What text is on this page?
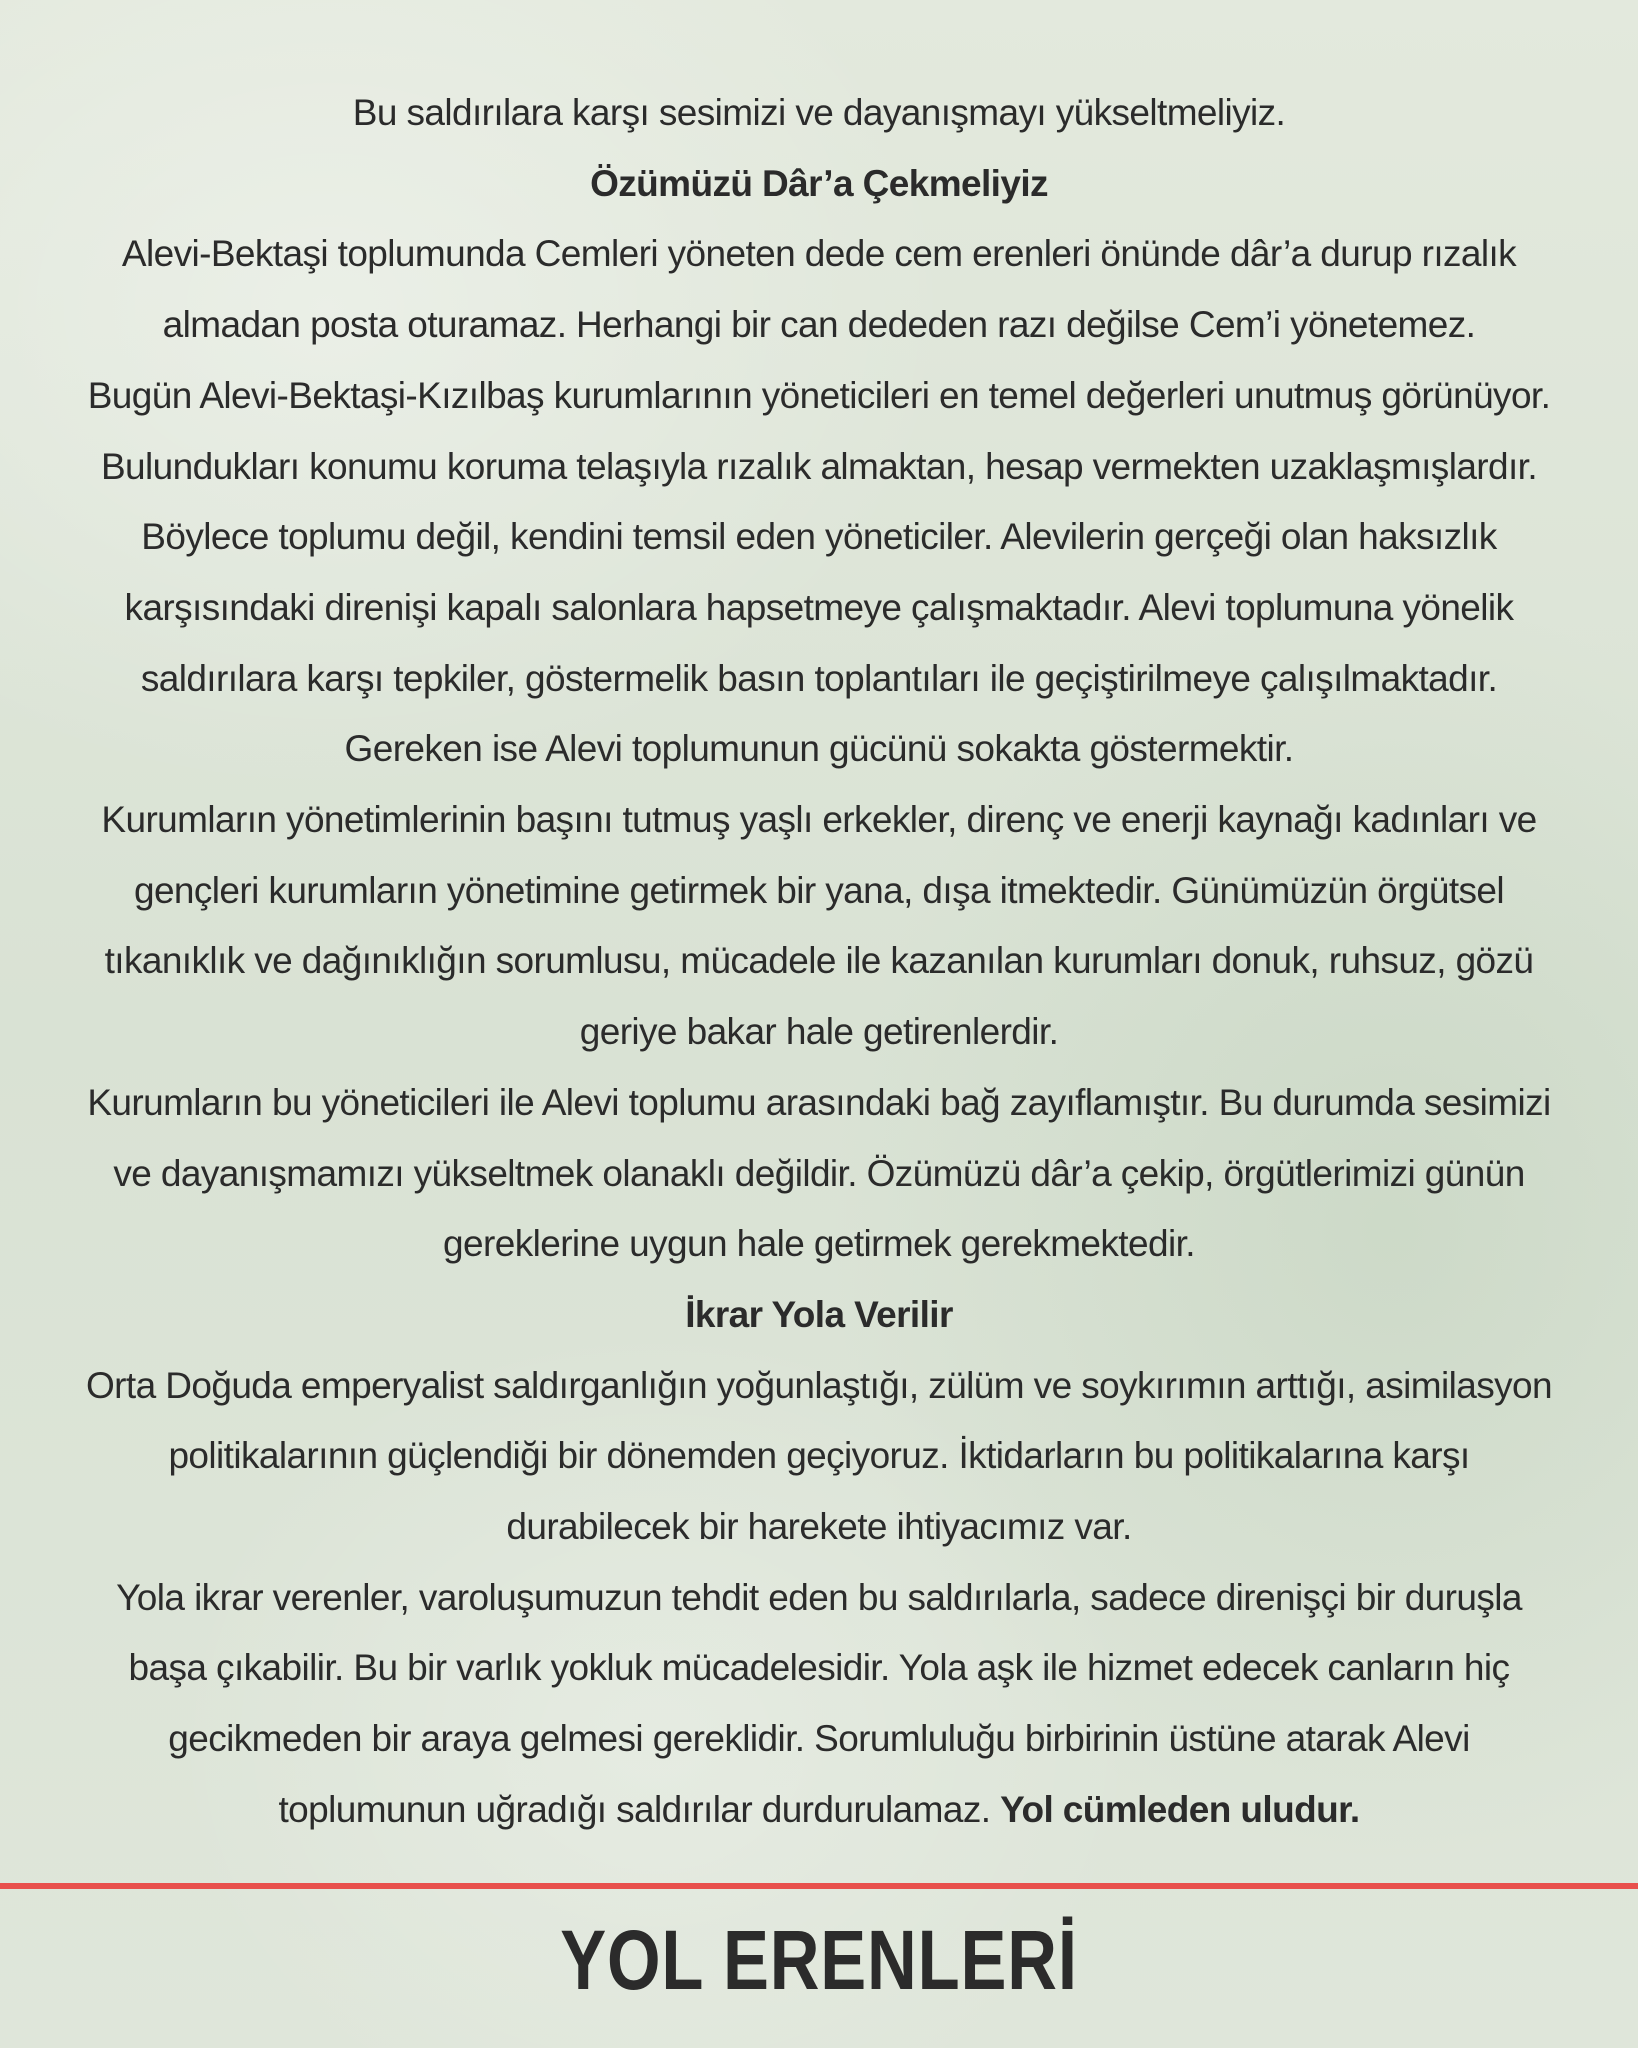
Bu saldırılara karşı sesimizi ve dayanışmayı yükseltmeliyiz.
Özümüzü Dâr’a Çekmeliyiz
Alevi-Bektaşi toplumunda Cemleri yöneten dede cem erenleri önünde dâr’a durup rızalık
almadan posta oturamaz. Herhangi bir can dededen razı değilse Cem’i yönetemez.
Bugün Alevi-Bektaşi-Kızılbaş kurumlarının yöneticileri en temel değerleri unutmuş görünüyor.
Bulundukları konumu koruma telaşıyla rızalık almaktan, hesap vermekten uzaklaşmışlardır.
Böylece toplumu değil, kendini temsil eden yöneticiler. Alevilerin gerçeği olan haksızlık
karşısındaki direnişi kapalı salonlara hapsetmeye çalışmaktadır. Alevi toplumuna yönelik
saldırılara karşı tepkiler, göstermelik basın toplantıları ile geçiştirilmeye çalışılmaktadır.
Gereken ise Alevi toplumunun gücünü sokakta göstermektir.
Kurumların yönetimlerinin başını tutmuş yaşlı erkekler, direnç ve enerji kaynağı kadınları ve
gençleri kurumların yönetimine getirmek bir yana, dışa itmektedir. Günümüzün örgütsel
tıkanıklık ve dağınıklığın sorumlusu, mücadele ile kazanılan kurumları donuk, ruhsuz, gözü
geriye bakar hale getirenlerdir.
Kurumların bu yöneticileri ile Alevi toplumu arasındaki bağ zayıflamıştır. Bu durumda sesimizi
ve dayanışmamızı yükseltmek olanaklı değildir. Özümüzü dâr’a çekip, örgütlerimizi günün
gereklerine uygun hale getirmek gerekmektedir.
İkrar Yola Verilir
Orta Doğuda emperyalist saldırganlığın yoğunlaştığı, zülüm ve soykırımın arttığı, asimilasyon
politikalarının güçlendiği bir dönemden geçiyoruz. İktidarların bu politikalarına karşı
durabilecek bir harekete ihtiyacımız var.
Yola ikrar verenler, varoluşumuzun tehdit eden bu saldırılarla, sadece direnişçi bir duruşla
başa çıkabilir. Bu bir varlık yokluk mücadelesidir. Yola aşk ile hizmet edecek canların hiç
gecikmeden bir araya gelmesi gereklidir. Sorumluluğu birbirinin üstüne atarak Alevi
toplumunun uğradığı saldırılar durdurulamaz. Yol cümleden uludur.
YOL ERENLERİ
